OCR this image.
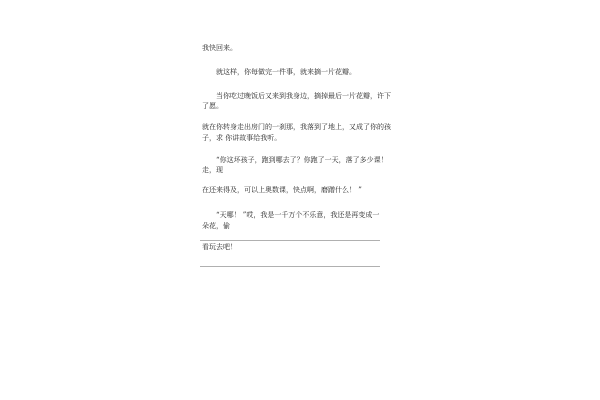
我快回来。
就这样，你每做完一件事，就来摘一片花瓣。
当你吃过晚饭后又来到我身边，摘掉最后一片花瓣，许下
了愿。
就在你转身走出房门的一刹那，我落到了地上，又成了你的孩
子，求 你讲故事给我听。
“你这坏孩子，跑到哪去了？你跑了一天，落了多少课！
走，现
在还来得及，可以上奥数课，快点啊，磨蹭什么！ ”
“天哪！ ”哎，我是一千万个不乐意，我还是再变成一
朵花，偷
看玩去吧！
